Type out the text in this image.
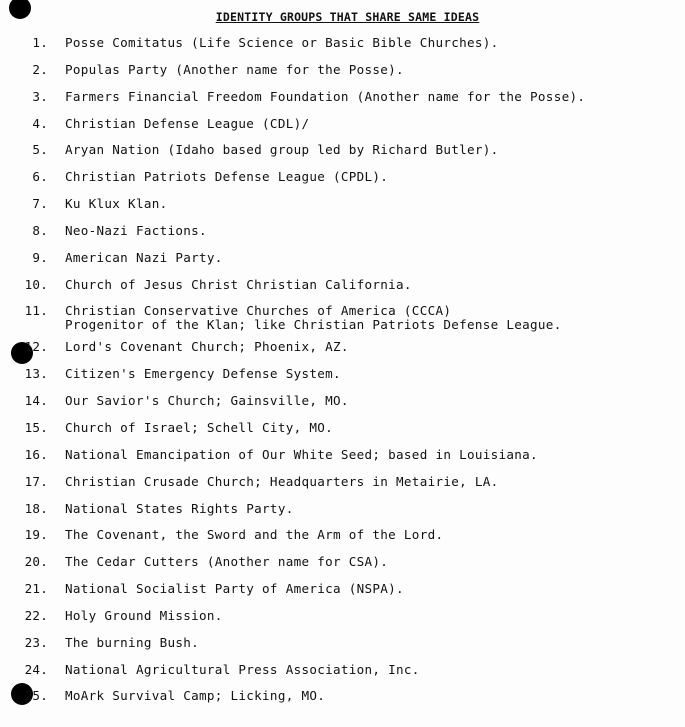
IDENTITY GROUPS THAT SHARE SAME IDEAS
1.	Posse Comitatus (Life Science or Basic Bible Churches).
2.	Populas Party (Another name for the Posse).
3.	Farmers Financial Freedom Foundation (Another name for the Posse).
4.	Christian Defense League (CDL)/
5.	Aryan Nation (Idaho based group led by Richard Butler).
6.	Christian Patriots Defense League (CPDL).
7.	Ku Klux Klan.
8.	Neo-Nazi Factions.
9.	American Nazi Party.
10.	Church of Jesus Christ Christian California.
11.	Christian Conservative Churches of America (CCCA)
Progenitor of the Klan; like Christian Patriots Defense League.
12.	Lord's Covenant Church; Phoenix, AZ.
13.	Citizen's Emergency Defense System.
14.	Our Savior's Church; Gainsville, MO.
15.	Church of Israel; Schell City, MO.
16.	National Emancipation of Our White Seed; based in Louisiana.
17.	Christian Crusade Church; Headquarters in Metairie, LA.
18.	National States Rights Party.
19.	The Covenant, the Sword and the Arm of the Lord.
20.	The Cedar Cutters (Another name for CSA).
21.	National Socialist Party of America (NSPA).
22.	Holy Ground Mission.
23.	The burning Bush.
24.	National Agricultural Press Association, Inc.
25.	MoArk Survival Camp; Licking, MO.
